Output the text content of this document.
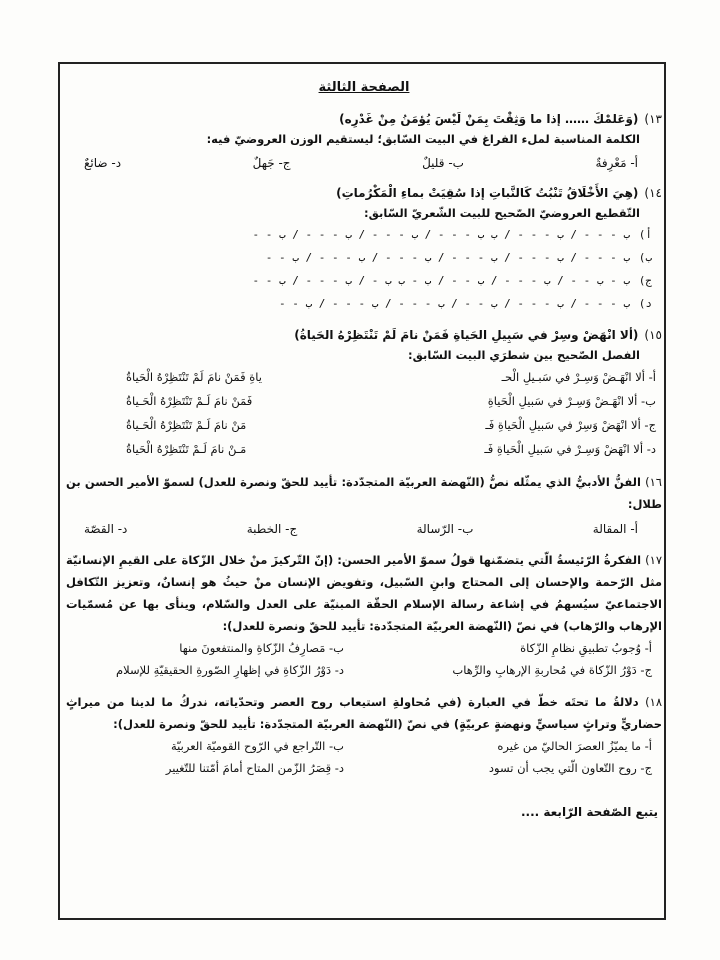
الصفحة الثالثة
١٣)
(وَعَلمْكَ …… إذا ما وَثِقْتَ بِمَنْ لَيْسَ يُؤمَنُ مِنْ غَدْرِه)
الكلمة المناسبة لملء الفراغ في البيت السّابق؛ ليستقيم الوزن العروضيّ فيه:
أ- مَعْرِفةٌ
ب- قليلٌ
ج- جَهلٌ
د- ضائعٌ
١٤)
(هِيَ الأَخْلَاقُ تَنْبُتُ كَالنَّباتِ إذا سُقِيَتْ بماءِ الْمَكْرُماتِ)
التّقطيع العروضيّ الصّحيح للبيت الشّعريّ السّابق:
أ)
ب - - - / ب - - - / ب ب - - - / ب - - - / ب - - - / ب - -
ب)
ب - - - / ب - - - / ب - - - / ب - - - / ب - - - / ب - -
ج)
ب - ب - - / ب - - - / ب - - / ب - ب ب - / ب - - - / ب - -
د)
ب - - - / ب - - - / ب - - / ب - - - / ب - - - / ب - -
١٥)
(ألا انْهَضْ وسِرْ في سَبِيلِ الحَياةِ فَمَنْ نامَ لَمْ تَنْتَظِرْهُ الحَياةُ)
الفصل الصّحيح بين شطرَي البيت السّابق:
أ- ألا انْهَـضْ وَسِـرْ في سَبـيلِ الْحـ
ياةِ فَمَنْ نامَ لَمْ تَنْتَظِرْهُ الْحَياةُ
ب- ألا انْهَـضْ وَسِـرْ في سَبيلِ الْحَياةِ
فَمَنْ نامَ لَـمْ تَنْتَظِرْهُ الْحَـياةُ
ج- ألا انْهَضْ وَسِرْ في سَبيلِ الْحَياةِ فَـ
مَنْ نامَ لَـمْ تَنْتَظِرْهُ الْحَـياةُ
د- ألا انْهَضْ وَسِـرْ في سَبيلِ الْحَياةِ فَـ
مَـنْ نامَ لَـمْ تَنْتَظِرْهُ الْحَياةُ
١٦) الفنُّ الأدبيُّ الذي يمثّله نصُّ (النّهضة العربيّة المتجدّدة: تأييد للحقّ ونصرة للعدل) لسموّ الأمير الحسن بن طلال:
أ- المقالة
ب- الرّسالة
ج- الخطبة
د- القصّة
١٧) الفكرةُ الرّئيسةُ الّتي يتضمّنها قولُ سموّ الأمير الحسن: (إنّ التّركيزَ منْ خلال الزّكاة على القيمِ الإنسانيّة مثل الرّحمة والإحسان إلى المحتاج وابنِ السّبيل، وتفويض الإنسان منْ حيثُ هو إنسانٌ، وتعزيز التّكافل الاجتماعيّ سيُسهمُ في إشاعة رسالة الإسلام الحقّة المبنيّة على العدل والسّلام، وينأى بها عن مُسمّيات الإرهاب والرّهاب) في نصّ (النّهضة العربيّة المتجدّدة: تأييد للحقّ ونصرة للعدل):
أ- وُجوبُ تطبيقِ نظامِ الزّكاة
ب- مَصارِفُ الزّكاةِ والمنتفعونَ منها
ج- دَوْرُ الزّكاة في مُحاربةِ الإرهابِ والرِّهاب
د- دَوْرُ الزّكاةِ في إظهارِ الصّورةِ الحقيقيّةِ للإسلام
١٨) دلالةُ ما تحتَه خطّ في العبارة (في مُحاولةِ استيعاب روح العصر وتحدّياته، ندركُ ما لدينا من ميراثٍ حضاريٍّ وتراثٍ سياسيٍّ ونهضةٍ عربيّةٍ) في نصّ (النّهضة العربيّة المتجدّدة: تأييد للحقّ ونصرة للعدل):
أ- ما يميّزُ العصرَ الحاليّ من غيره
ب- التّراجع في الرّوح القوميّة العربيّة
ج- روح التّعاون الّتي يجب أن تسود
د- قِصَرُ الزّمن المتاح أمامَ أمّتنا للتّغيير
يتبع الصّفحة الرّابعة ....
